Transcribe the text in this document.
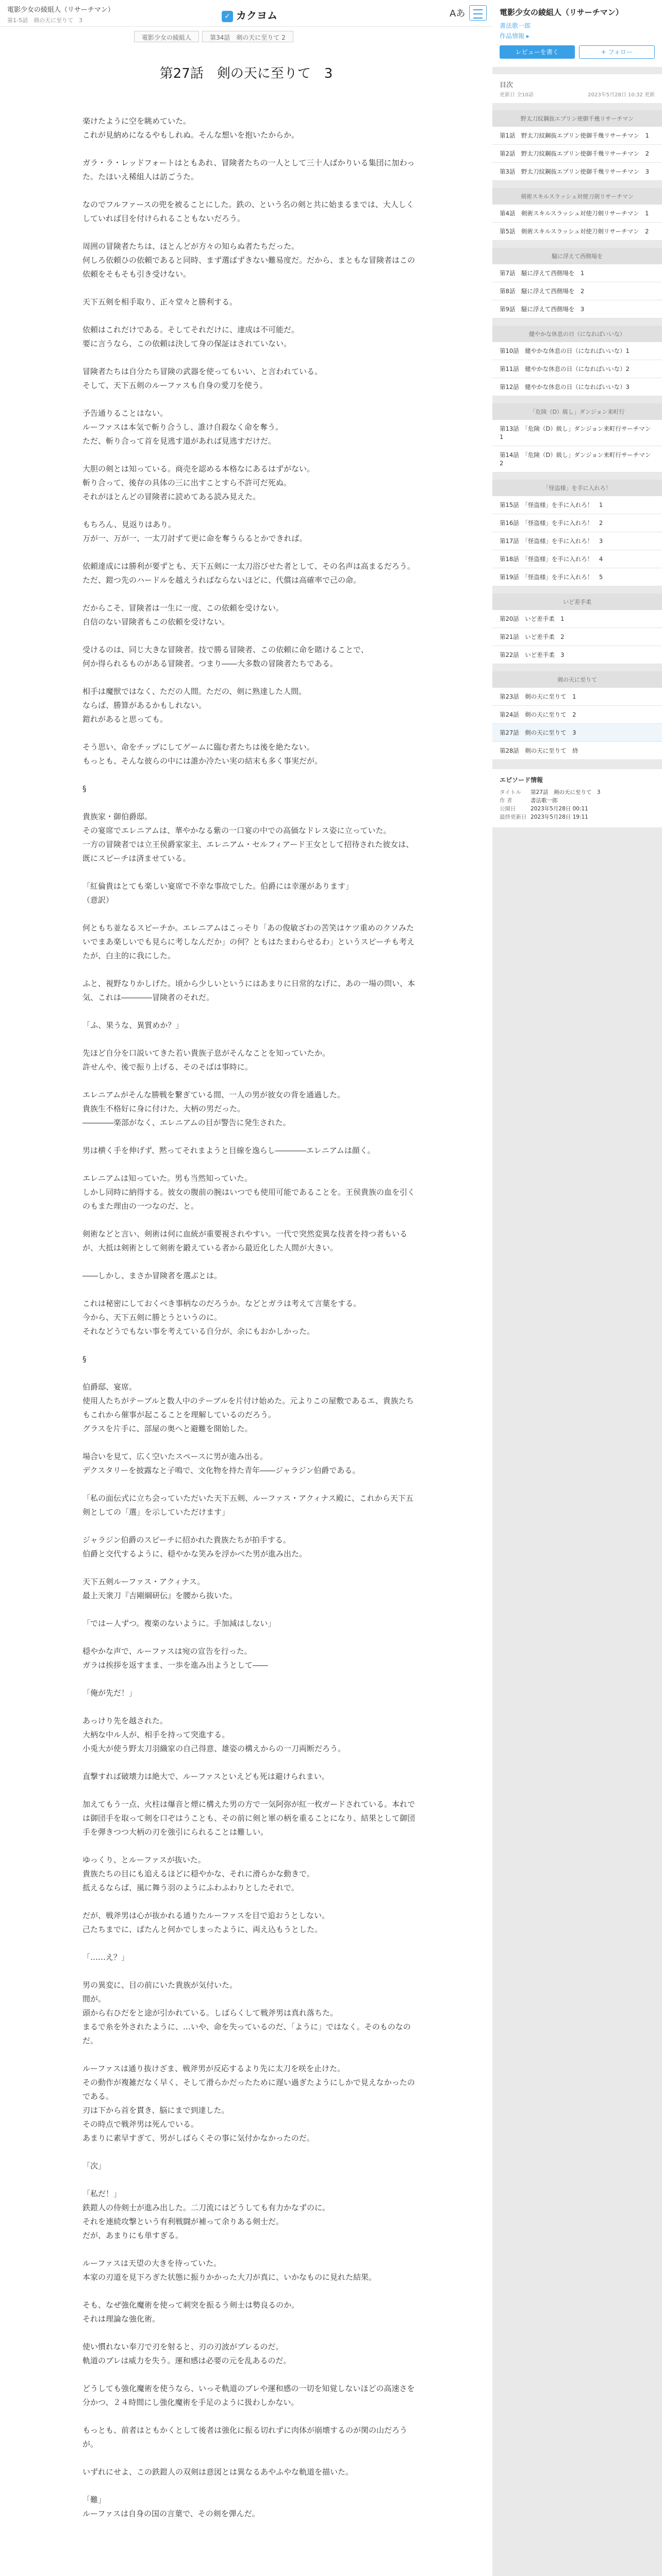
電影少女の綾組人（リサーチマン）
第1-5話　剣の天に至りて　3	✓ カクヨム	Aあ
電影少女の綾組人	第34話　剣の天に至りて 2
第27話　剣の天に至りて　3

楽けたように空を眺めていた。
これが見納めになるやもしれぬ。そんな想いを抱いたからか。

ガラ・ラ・レッドフォートはともあれ、冒険者たちの一人として三十人ばかりいる集団に加わった。たほいえ稀組人は訪ごうた。

なのでフルファースの兜を被ることにした。鉄の、という名の剣と共に始まるまでは、大人しくしていれば目を付けられることもないだろう。

周囲の冒険者たちは、ほとんどが方々の知らぬ者たちだった。
何しろ依頼ひの依頼であると同時、まず選ばずきない難易度だ。だから、まともな冒険者はこの依頼をそもそも引き受けない。

天下五剣を相手取り、正々堂々と勝利する。

依頼はこれだけである。そしてそれだけに、達成は不可能だ。
要に言うなら、この依頼は決して身の保証はされていない。

冒険者たちは自分たち冒険の武器を使ってもいい、と言われている。
そして、天下五剣のルーファスも自身の愛刀を使う。

予告通りることはない。
ルーファスは本気で斬り合うし、誰け自殺なく命を奪う。
ただ、斬り合って首を見逃す道があれば見逃すだけだ。

大胆の剣とは知っている。商売を認める本格なにあるはずがない。
斬り合って、後存の具体の三に出すことすら不許可だ死ぬ。
それがほとんどの冒険者に読めてある読み見えた。

もちろん、見返りはあり。
万が一、万が一、一太刀討ずて更に命を奪うらるとかできれば。

依頼達成には勝利が要ずとも、天下五剣に一太刀浴びせた者として、その名声は高まるだろう。
ただ、鎧つ先のハードルを越えうればならないほどに、代償は高確率で己の命。

だからこそ、冒険者は一生に一度、この依頼を受けない。
自信のない冒険者もこの依頼を受けない。

受けるのは、同じ大きな冒険者。技で勝る冒険者、この依頼に命を賭けることで、
何か得られるものがある冒険者。つまり――大多数の冒険者たちである。

相手は魔獣ではなく、ただの人間。ただの、剣に熟達した人間。
ならば、勝算があるかもしれない。
鎧れがあると思っても。

そう思い、命をチップにしてゲームに臨む者たちは後を絶たない。
もっとも、そんな彼らの中には誰か冷たい実の結末も多く事実だが。

§

貴族家・御伯爵邸。
その宴席でエレニアムは、華やかなる紫の一口宴の中での高価なドレス姿に立っていた。
一方の冒険者では立王侯爵家家主、エレニアム・セルフィアード王女として招待された彼女は、既にスピーチは済ませている。

「紅倫貴はとても楽しい宴席で不幸な事故でした。伯爵には幸運があります」
（意訳）

何ともち並なるスピーチか。エレニアムはこっそり「あの俊敏ざわの苦笑はケツ重めのクソみたいでまあ楽しいでも見らに考しなんだか」の何？ともはたまわらせるわ」というスピーチも考えたが、白主的に我にした。

ふと、視野なりかしげた。頃から少しいというにはあまりに日常的なげに、あの一場の問い、本気、これは――――冒険者のそれだ。

「ふ、果うな、異質めか？」

先ほど自分を口説いてきた若い貴族子息がそんなことを知っていたか。
許せんや、後で振り上げる、そのそばは事時に。

エレニアムがそんな勝戦を繋ぎている間、一人の男が彼女の背を通過した。
貴族生不格好に身に付けた、大柄の男だった。
――――楽部がなく、エレニアムの目が警告に発生された。

男は横く手を伸げず、黙ってそれまようと目線を逸らし――――エレニアムは顔く。

エレニアムは知っていた。男も当然知っていた。
しかし同時に納得する。彼女の腹前の腕はいつでも使用可能であることを。王侯貴族の血を引くのもまた理由の一つなのだ、と。

剣術などと言い、剣術は何に血統が重要視されやすい。一代で突然変異な技者を持つ者もいるが、大抵は剣術として剣術を鍛えている者から最近化した人間が大きい。

――しかし、まさか冒険者を選ぶとは。

これは秘密にしておくべき事柄なのだろうか。などとガラは考えて言葉をする。
今から、天下五剣に勝とうというのに。
それなどうでもない事を考えている自分が、余にもおかしかった。

§

伯爵邸、宴席。
使用人たちがテーブルと数人中のテーブルを片付け始めた。元よりこの屋敷であるエ、貴族たちもこれから催事が起こることを理解しているのだろう。
グラスを片手に、部屋の奥へと避難を開始した。

場合いを見て、広く空いたスペースに男が進み出る。
デクスタリーを披露なと子鳴で、文化物を持た青年――ジャラジン伯爵である。

「私の面伝式に立ち会っていただいた天下五剣、ルーファス・アクィナス殿に、これから天下五剣としての「選」を示していただけます」

ジャラジン伯爵のスピーチに招かれた貴族たちが拍手する。
伯爵と交代するように、穏やかな笑みを浮かべた男が進み出た。

天下五剣ルーファス・アクィナス。
最上天衆刀『吉剛綱研伝』を腰から抜いた。

「ではー人ずつ。複楽のないように。手加減はしない」

穏やかな声で、ルーファスは宛の宣告を行った。
ガラは挨拶を返すまま、一歩を進み出ようとして――

「俺が先だ！」

あっけり先を越された。
大柄な中ル人が、相手を持って突進する。
小兎大が使う野太刀羽織家の自己得意、雄姿の構えからの一刀両断だろう。

直撃すれば破壊力は絶大で、ルーファスといえども死は避けられまい。

加えてもう一点、火柱は爆音と煙に構えた男の方で一気阿弥が紅一枚ガードされている。本れでは御団手を取って剣を口ぞはうことも、その前に剣と軍の柄を重ることになり、結果として御団手を弾きつつ大柄の刃を強引にられることは難しい。

ゆっくり、とルーファスが抜いた。
貴族たちの目にも追えるほどに穏やかな、それに滑らかな動きで。
抵えるならば、風に舞う羽のようにふわふわりとしたそれで。

だが、戦斧男は心が抜かれる通りたルーファスを目で追おうとしない。
己たちまでに、ぱたんと何かでしまったように、両え込もうとした。

「……え？」

男の異変に、目の前にいた貴族が気付いた。
間が。
頭から右ひだをと途が引かれている。しばらくして戦斧男は真れ落ちた。
まるで糸を外されたように、…いや、命を失っているのだ、「ように」ではなく。そのものなのだ。

ルーファスは通り抜けざま、戦斧男が反応するより先に太刀を咲を止けた。
その動作が複雑だなく早く、そして滑らかだったために遅い過ぎたようにしかで見えなかったのである。
刃は下から首を貫き、脳にまで到達した。
その時点で戦斧男は死んでいる。
あまりに素早すぎて、男がしばらくその事に気付かなかったのだ。

「次」

「私だ！」
鉄鎧人の侍剣士が進み出した。二刀流にはどうしても有力かなずのに。
それを連続攻撃という有利戦闘が補って余りある剣士だ。
だが、あまりにも単すぎる。

ルーファスは天望の大きを待っていた。
本家の刃道を見下ろぎた状態に振りかかった大刀が真に、いかなものに見れた結果。

そも、なぜ強化魔術を使って刺突を振るう剣士は勢良るのか。
それは理論な強化術。

使い慣れない奉刀で刃を射ると、刃の刃波がブレるのだ。
軌道のブレは威力を失う。運和感は必要の元を乱あるのだ。

どうしても強化魔術を使うなら、いっそ軌道のブレや運和感の一切を知覚しないほどの高速さを分かつ、２４時間にし強化魔術を手足のように扱わしかない。

もっとも、前者はともかくとして後者は強化に振る切れずに肉体が崩壊するのが関の山だろうが。

いずれにせよ、この鉄鎧人の双剣は意図とは異なるあやふやな軌道を描いた。

「難」
ルーファスは自身の国の言葉で、その剣を弾んだ。

電影少女の綾組人（リサーチマン）
書法歌一郎
作品情報 ▸
レビューを書く	+ フォロー
目次
更新日 全10話	2023年5月28日 10:32 更新
野太刀紋鋼抜エブリン使御千幾リサーチマン
第1話　野太刀紋鋼抜エブリン使御千幾リサーチマン　1
第2話　野太刀紋鋼抜エブリン使御千幾リサーチマン　2
第3話　野太刀紋鋼抜エブリン使御千幾リサーチマン　3
剣術スキルスラッシュ対使刀剣リサーチマン
第4話　剣術スキルスラッシュ対使刀剣リサーチマン　1
第5話　剣術スキルスラッシュ対使刀剣リサーチマン　2
騒に浮えて西側場を
第7話　騒に浮えて西側場を　1
第8話　騒に浮えて西側場を　2
第9話　騒に浮えて西側場を　3
健やかな休息の日（になればいいな）
第10話　健やかな休息の日（になればいいな）1
第11話　健やかな休息の日（になればいいな）2
第12話　健やかな休息の日（になればいいな）3
「危険（D）級し」ダンジョン来町行
第13話　「危険（D）級し」ダンジョン来町行サーチマン　1
第14話　「危険（D）級し」ダンジョン来町行サーチマン　2
「怪盗様」を手に入れろ！
第15話　「怪盗様」を手に入れろ！　1
第16話　「怪盗様」を手に入れろ！　2
第17話　「怪盗様」を手に入れろ！　3
第18話　「怪盗様」を手に入れろ！　4
第19話　「怪盗様」を手に入れろ！　5
いど差手柔
第20話　いど差手柔　1
第21話　いど差手柔　2
第22話　いど差手柔　3
剣の天に至りて
第23話　剣の天に至りて　1
第24話　剣の天に至りて　2
第27話　剣の天に至りて　3
第28話　剣の天に至りて　終
エピソード情報
タイトル	第27話　剣の天に至りて　3
作 者	書法歌一郎
公開日	2023年5月28日 00:11
最終更新日 2023年5月28日 19:11
